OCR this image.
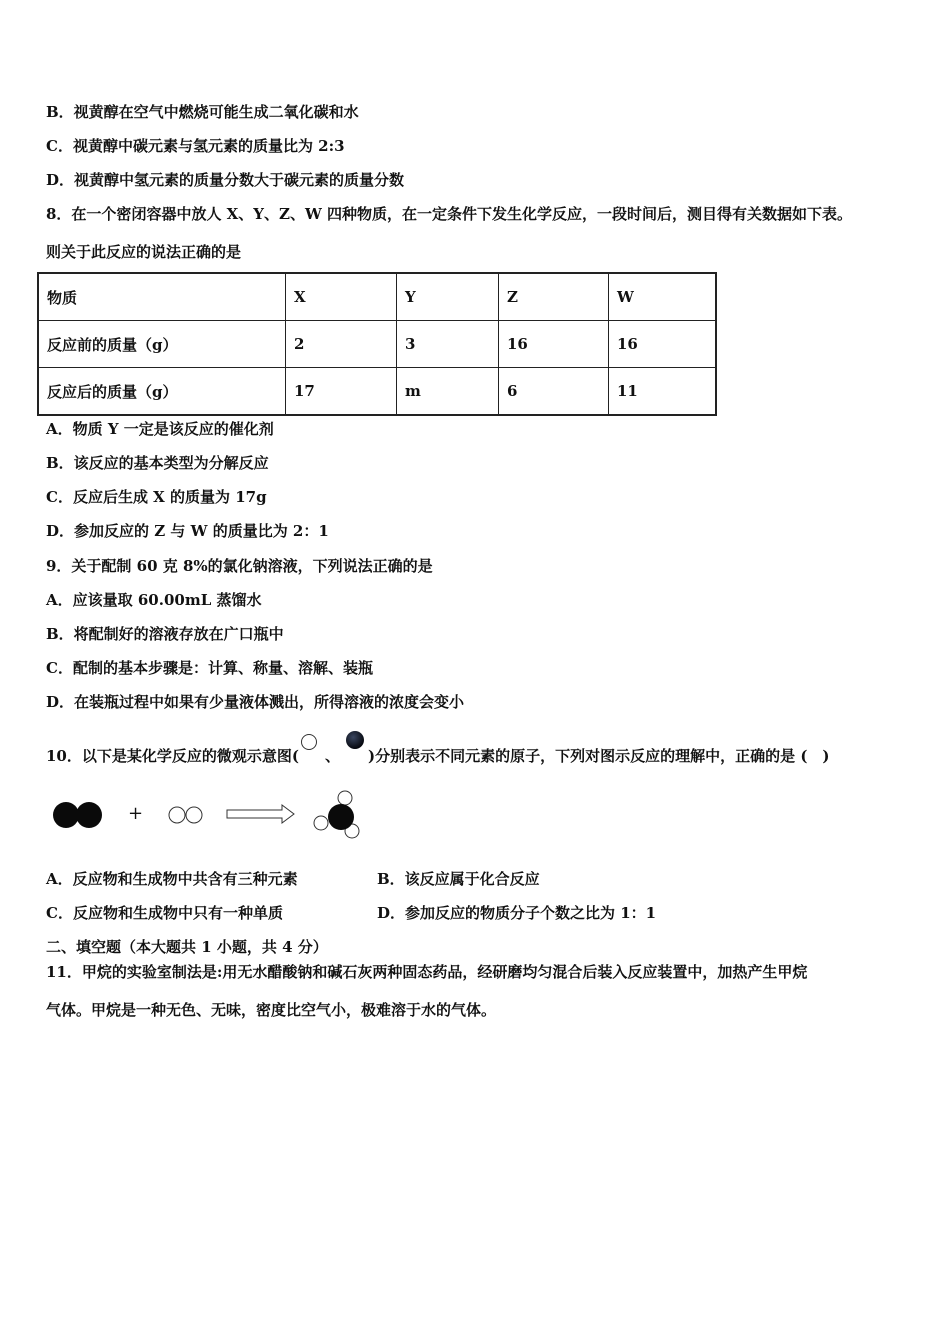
B．视黄醇在空气中燃烧可能生成二氧化碳和水
C．视黄醇中碳元素与氢元素的质量比为 2:3
D．视黄醇中氢元素的质量分数大于碳元素的质量分数
8．在一个密闭容器中放人 X、Y、Z、W 四种物质，在一定条件下发生化学反应，一段时间后，测目得有关数据如下表。
则关于此反应的说法正确的是
物质	X	Y	Z	W
反应前的质量（g）	2	3	16	16
反应后的质量（g）	17	m	6	11
A．物质 Y 一定是该反应的催化剂
B．该反应的基本类型为分解反应
C．反应后生成 X 的质量为 17g
D．参加反应的 Z 与 W 的质量比为 2：1
9．关于配制 60 克 8%的氯化钠溶液，下列说法正确的是
A．应该量取 60.00mL 蒸馏水
B．将配制好的溶液存放在广口瓶中
C．配制的基本步骤是：计算、称量、溶解、装瓶
D．在装瓶过程中如果有少量液体溅出，所得溶液的浓度会变小
10．以下是某化学反应的微观示意图( 、 )分别表示不同元素的原子，下列对图示反应的理解中，正确的是 (　)
+
A．反应物和生成物中共含有三种元素	B．该反应属于化合反应
C．反应物和生成物中只有一种单质	D．参加反应的物质分子个数之比为 1：1
二、填空题（本大题共 1 小题，共 4 分）
11．甲烷的实验室制法是:用无水醋酸钠和碱石灰两种固态药品，经研磨均匀混合后装入反应装置中，加热产生甲烷
气体。甲烷是一种无色、无味，密度比空气小，极难溶于水的气体。
